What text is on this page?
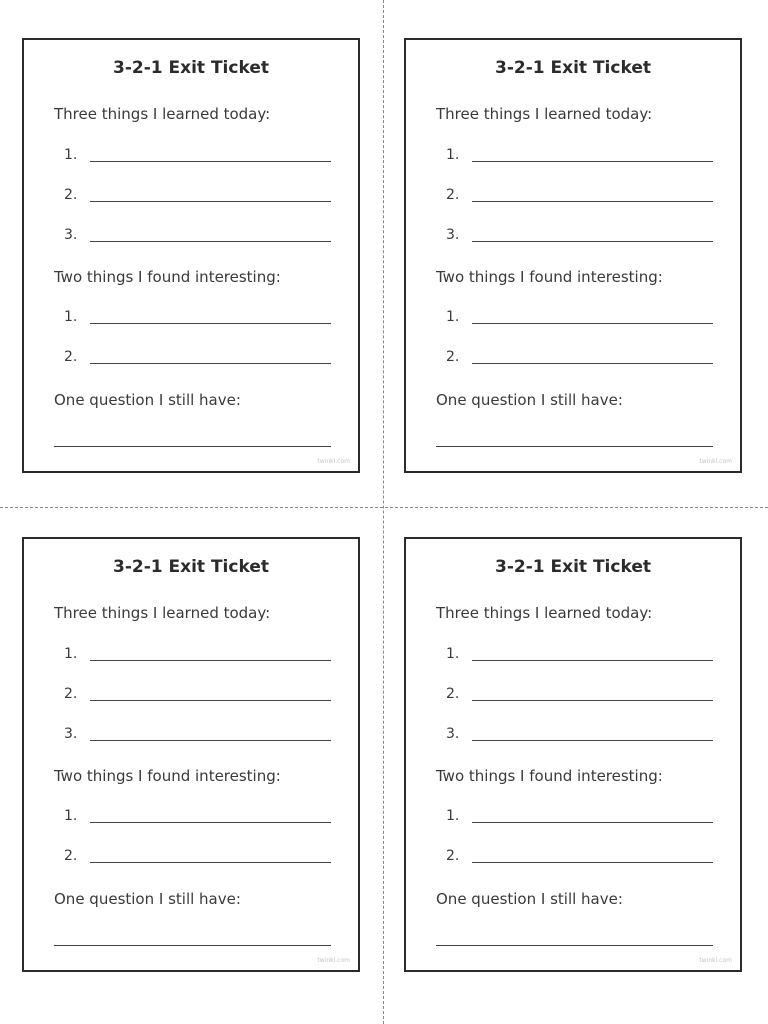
3-2-1 Exit Ticket
Three things I learned today:
1.
2.
3.
Two things I found interesting:
1.
2.
One question I still have:
twinkl.com
3-2-1 Exit Ticket
Three things I learned today:
1.
2.
3.
Two things I found interesting:
1.
2.
One question I still have:
twinkl.com
3-2-1 Exit Ticket
Three things I learned today:
1.
2.
3.
Two things I found interesting:
1.
2.
One question I still have:
twinkl.com
3-2-1 Exit Ticket
Three things I learned today:
1.
2.
3.
Two things I found interesting:
1.
2.
One question I still have:
twinkl.com
